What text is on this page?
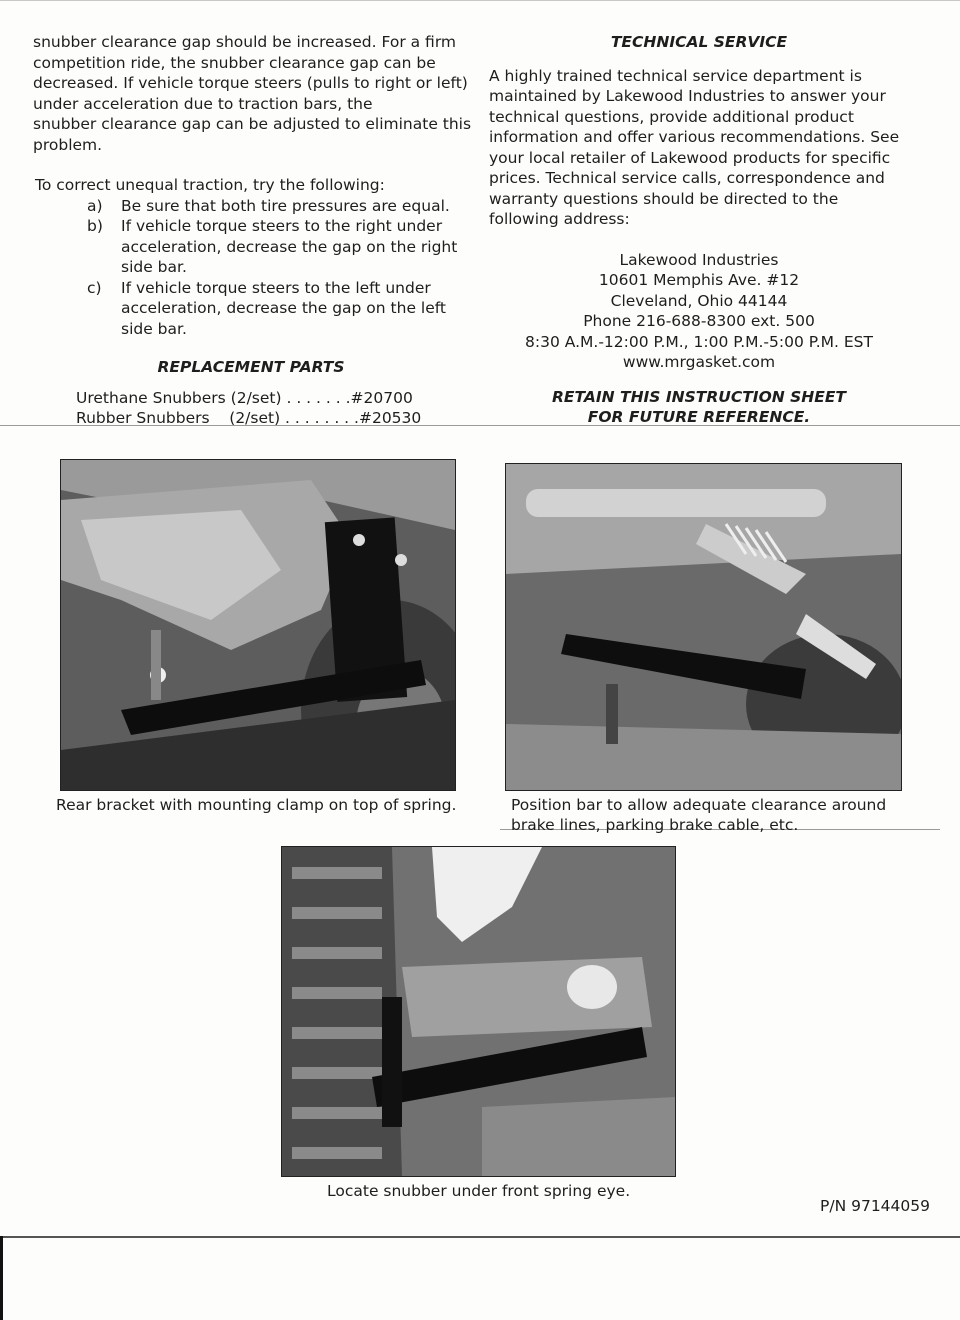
snubber clearance gap should be increased. For a firm

competition ride, the snubber clearance gap can be

decreased. If vehicle torque steers (pulls to right or left)

under acceleration due to traction bars, the

snubber clearance gap can be adjusted to eliminate this

problem.

To correct unequal traction, try the following:

a) Be sure that both tire pressures are equal.
b) If vehicle torque steers to the right under
acceleration, decrease the gap on the right
side bar.
c) If vehicle torque steers to the left under
acceleration, decrease the gap on the left
side bar.

REPLACEMENT PARTS

Urethane Snubbers (2/set) . . . . . . .#20700
Rubber Snubbers    (2/set) . . . . . . . .#20530

TECHNICAL SERVICE

A highly trained technical service department is

maintained by Lakewood Industries to answer your

technical questions, provide additional product

information and offer various recommendations. See

your local retailer of Lakewood products for specific

prices. Technical service calls, correspondence and

warranty questions should be directed to the

following address:

Lakewood Industries
10601 Memphis Ave. #12
Cleveland, Ohio 44144
Phone 216-688-8300 ext. 500
8:30 A.M.-12:00 P.M., 1:00 P.M.-5:00 P.M. EST
www.mrgasket.com

RETAIN THIS INSTRUCTION SHEET

FOR FUTURE REFERENCE.

Rear bracket with mounting clamp on top of spring.	Position bar to allow adequate clearance around
brake lines, parking brake cable, etc.
Locate snubber under front spring eye.
P/N 97144059
